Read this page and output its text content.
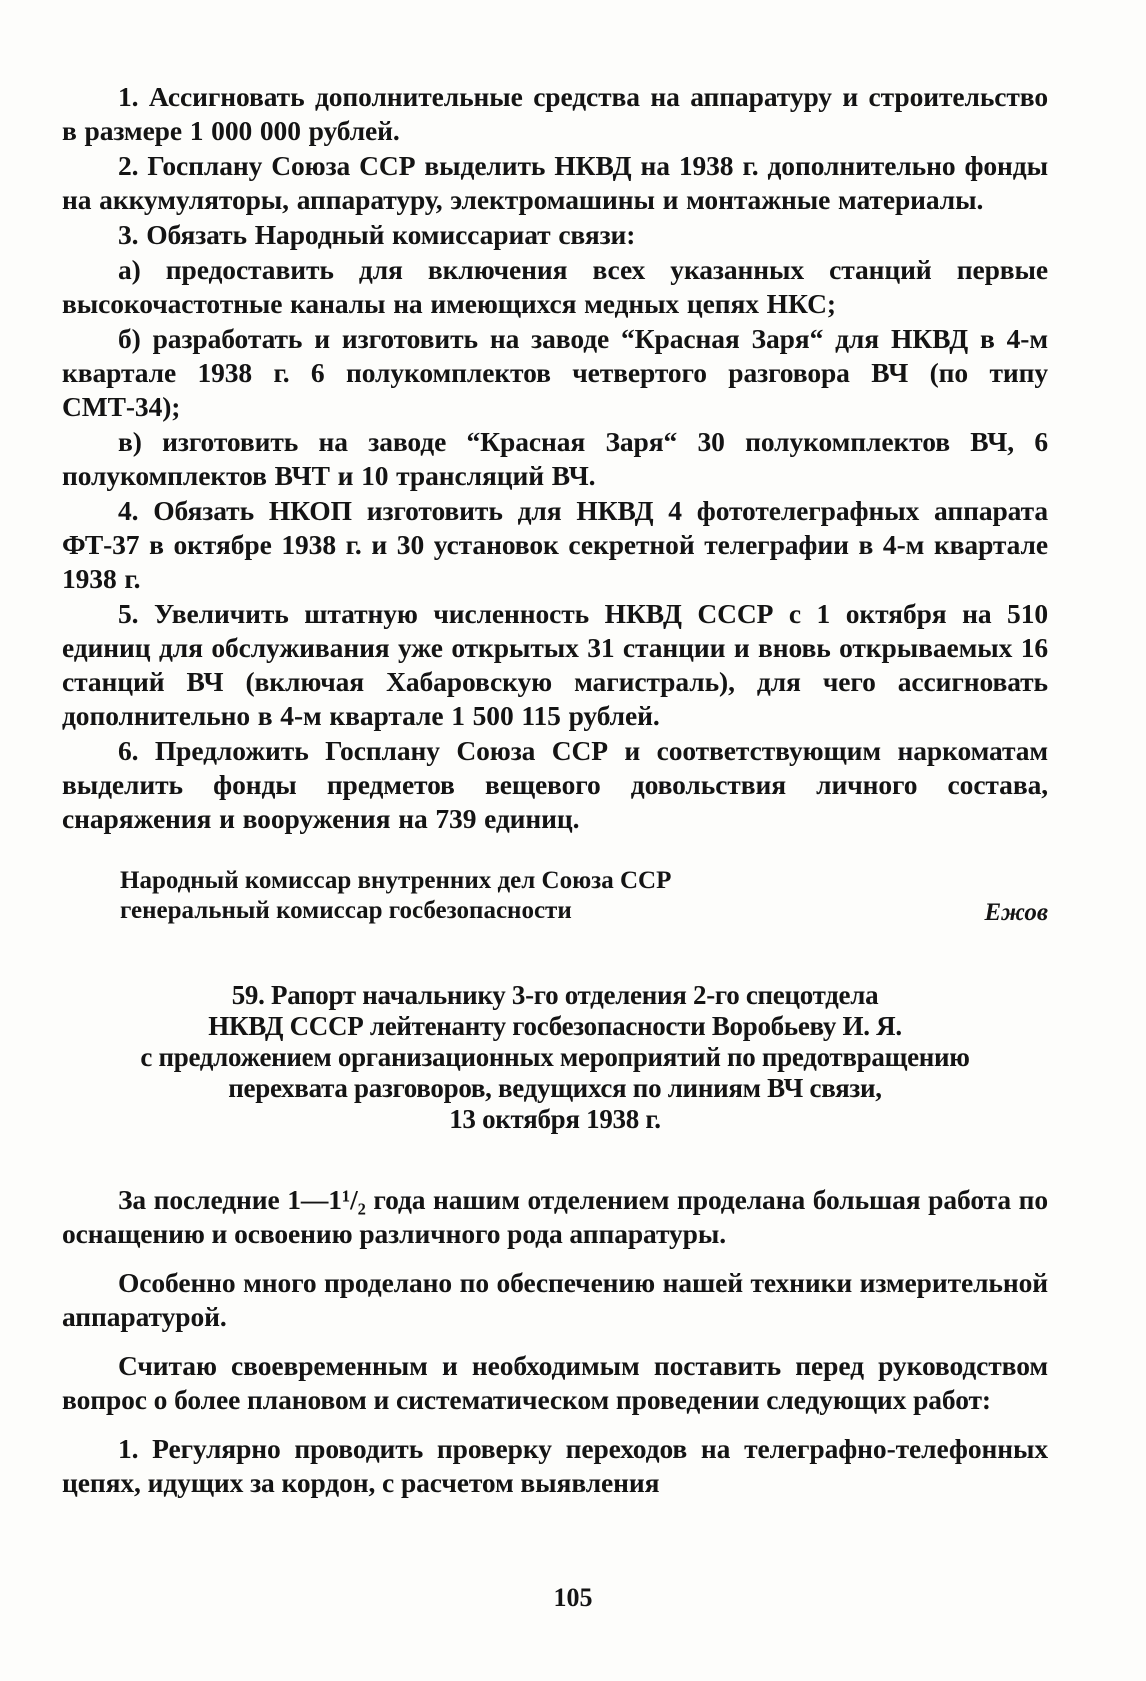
1. Ассигновать дополнительные средства на аппаратуру и строительство в размере 1 000 000 рублей.

2. Госплану Союза ССР выделить НКВД на 1938 г. дополнительно фонды на аккумуляторы, аппаратуру, электромашины и монтажные материалы.

3. Обязать Народный комиссариат связи:

а) предоставить для включения всех указанных станций первые высокочастотные каналы на имеющихся медных цепях НКС;

б) разработать и изготовить на заводе “Красная Заря“ для НКВД в 4-м квартале 1938 г. 6 полукомплектов четвертого разговора ВЧ (по типу СМТ-34);

в) изготовить на заводе “Красная Заря“ 30 полукомплектов ВЧ, 6 полукомплектов ВЧТ и 10 трансляций ВЧ.

4. Обязать НКОП изготовить для НКВД 4 фототелеграфных аппарата ФТ-37 в октябре 1938 г. и 30 установок секретной телеграфии в 4-м квартале 1938 г.

5. Увеличить штатную численность НКВД СССР с 1 октября на 510 единиц для обслуживания уже открытых 31 станции и вновь открываемых 16 станций ВЧ (включая Хабаровскую магистраль), для чего ассигновать дополнительно в 4-м квартале 1 500 115 рублей.

6. Предложить Госплану Союза ССР и соответствующим наркоматам выделить фонды предметов вещевого довольствия личного состава, снаряжения и вооружения на 739 единиц.

Народный комиссар внутренних дел Союза ССР
генеральный комиссар госбезопасности	Ежов
59. Рапорт начальнику 3-го отделения 2-го спецотдела
НКВД СССР лейтенанту госбезопасности Воробьеву И. Я.
с предложением организационных мероприятий по предотвращению
перехвата разговоров, ведущихся по линиям ВЧ связи,
13 октября 1938 г.

За последние 1—1¹/₂ года нашим отделением проделана большая работа по оснащению и освоению различного рода аппаратуры.

Особенно много проделано по обеспечению нашей техники измерительной аппаратурой.

Считаю своевременным и необходимым поставить перед руководством вопрос о более плановом и систематическом проведении следующих работ:

1. Регулярно проводить проверку переходов на телеграфно-телефонных цепях, идущих за кордон, с расчетом выявления

105
